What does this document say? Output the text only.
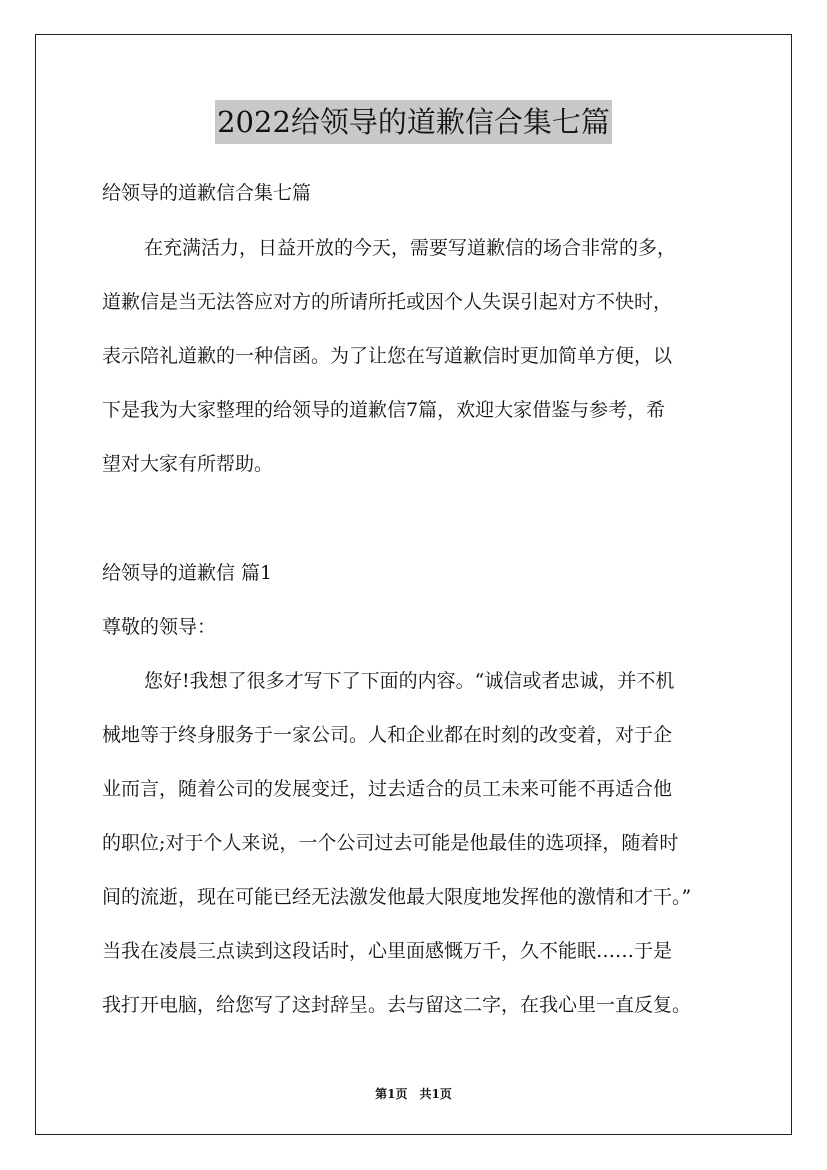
2022给领导的道歉信合集七篇
给领导的道歉信合集七篇
在充满活力，日益开放的今天，需要写道歉信的场合非常的多，
道歉信是当无法答应对方的所请所托或因个人失误引起对方不快时，
表示陪礼道歉的一种信函。为了让您在写道歉信时更加简单方便，以
下是我为大家整理的给领导的道歉信7篇，欢迎大家借鉴与参考，希
望对大家有所帮助。
给领导的道歉信 篇1
尊敬的领导：
您好!我想了很多才写下了下面的内容。“诚信或者忠诚，并不机
械地等于终身服务于一家公司。人和企业都在时刻的改变着，对于企
业而言，随着公司的发展变迁，过去适合的员工未来可能不再适合他
的职位;对于个人来说，一个公司过去可能是他最佳的选项择，随着时
间的流逝，现在可能已经无法激发他最大限度地发挥他的激情和才干。”
当我在凌晨三点读到这段话时，心里面感慨万千，久不能眠……于是
我打开电脑，给您写了这封辞呈。去与留这二字，在我心里一直反复。
第1页　共1页
